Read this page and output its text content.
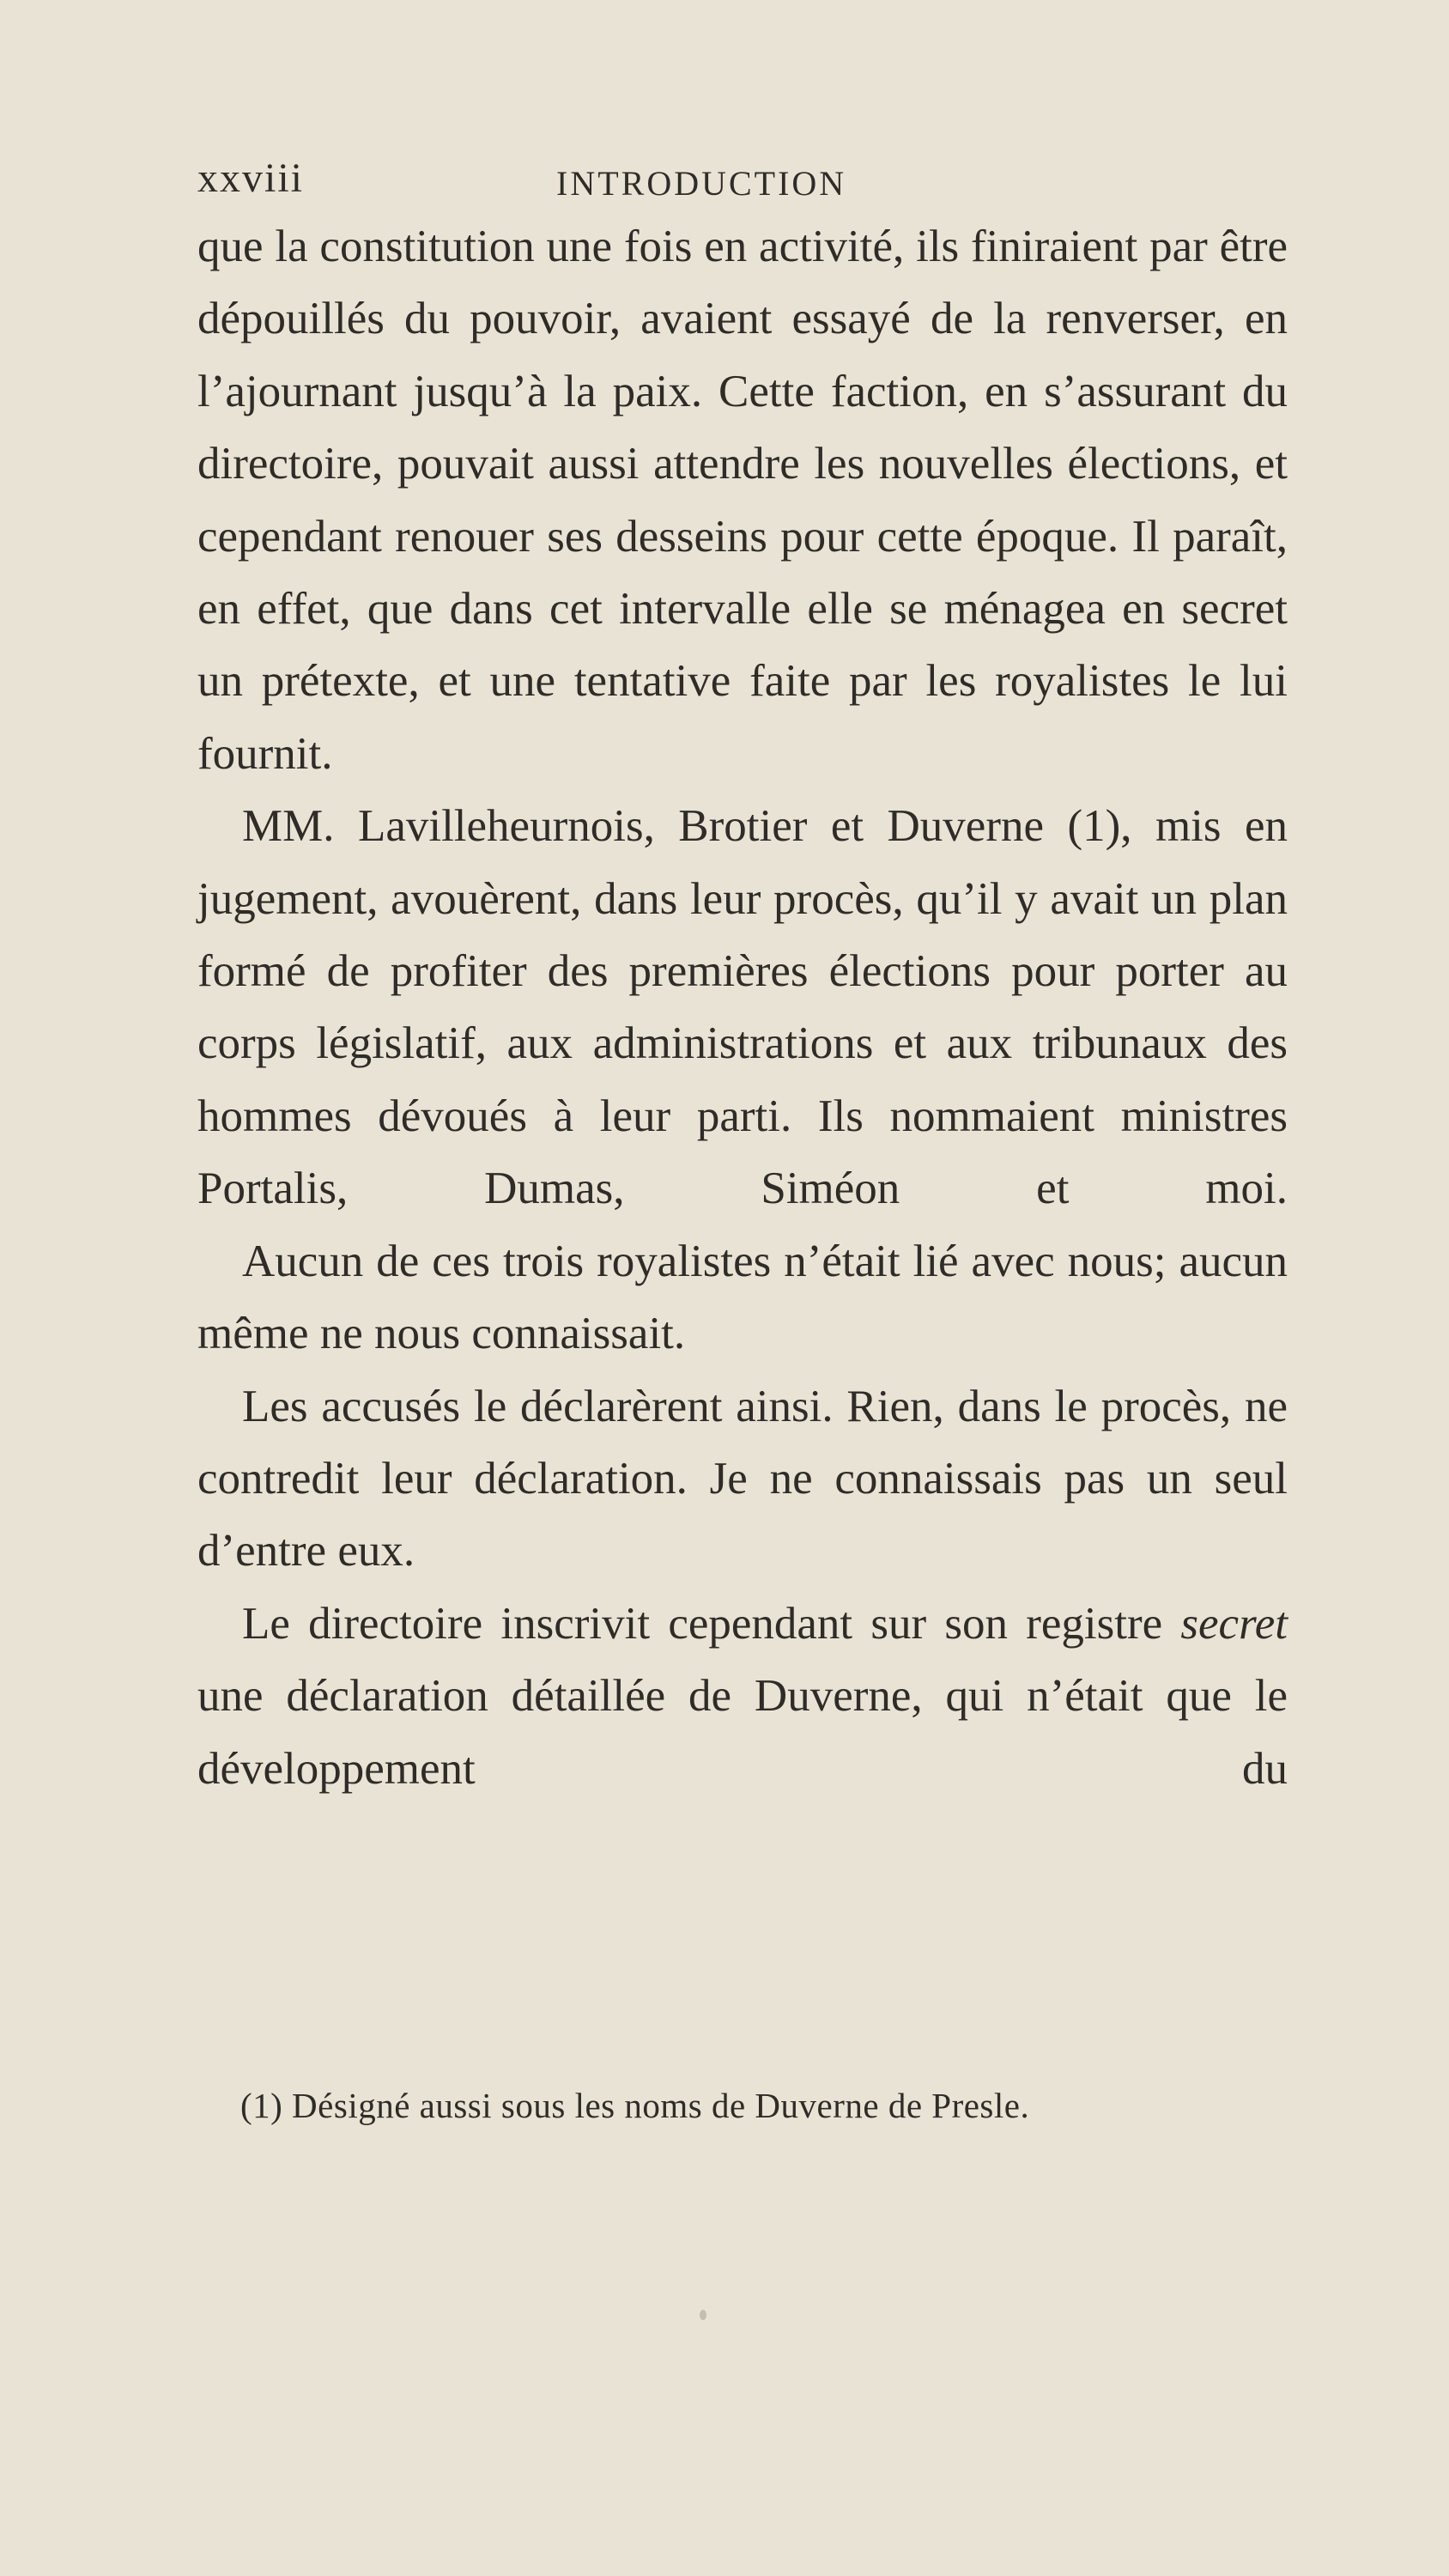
xxviii	INTRODUCTION

que la constitution une fois en activité, ils finiraient par être dépouillés du pouvoir, avaient essayé de la renverser, en l’ajournant jusqu’à la paix. Cette faction, en s’assurant du directoire, pouvait aussi attendre les nouvelles élections, et cependant renouer ses desseins pour cette époque. Il paraît, en effet, que dans cet intervalle elle se ménagea en secret un prétexte, et une tentative faite par les royalistes le lui fournit.

MM. Lavilleheurnois, Brotier et Duverne (1), mis en jugement, avouèrent, dans leur procès, qu’il y avait un plan formé de profiter des premières élections pour porter au corps législatif, aux administrations et aux tribunaux des hommes dévoués à leur parti. Ils nommaient ministres Portalis, Dumas, Siméon et moi.

Aucun de ces trois royalistes n’était lié avec nous; aucun même ne nous connaissait.

Les accusés le déclarèrent ainsi. Rien, dans le procès, ne contredit leur déclaration. Je ne connaissais pas un seul d’entre eux.

Le directoire inscrivit cependant sur son registre secret une déclaration détaillée de Duverne, qui n’était que le développement du

(1) Désigné aussi sous les noms de Duverne de Presle.
